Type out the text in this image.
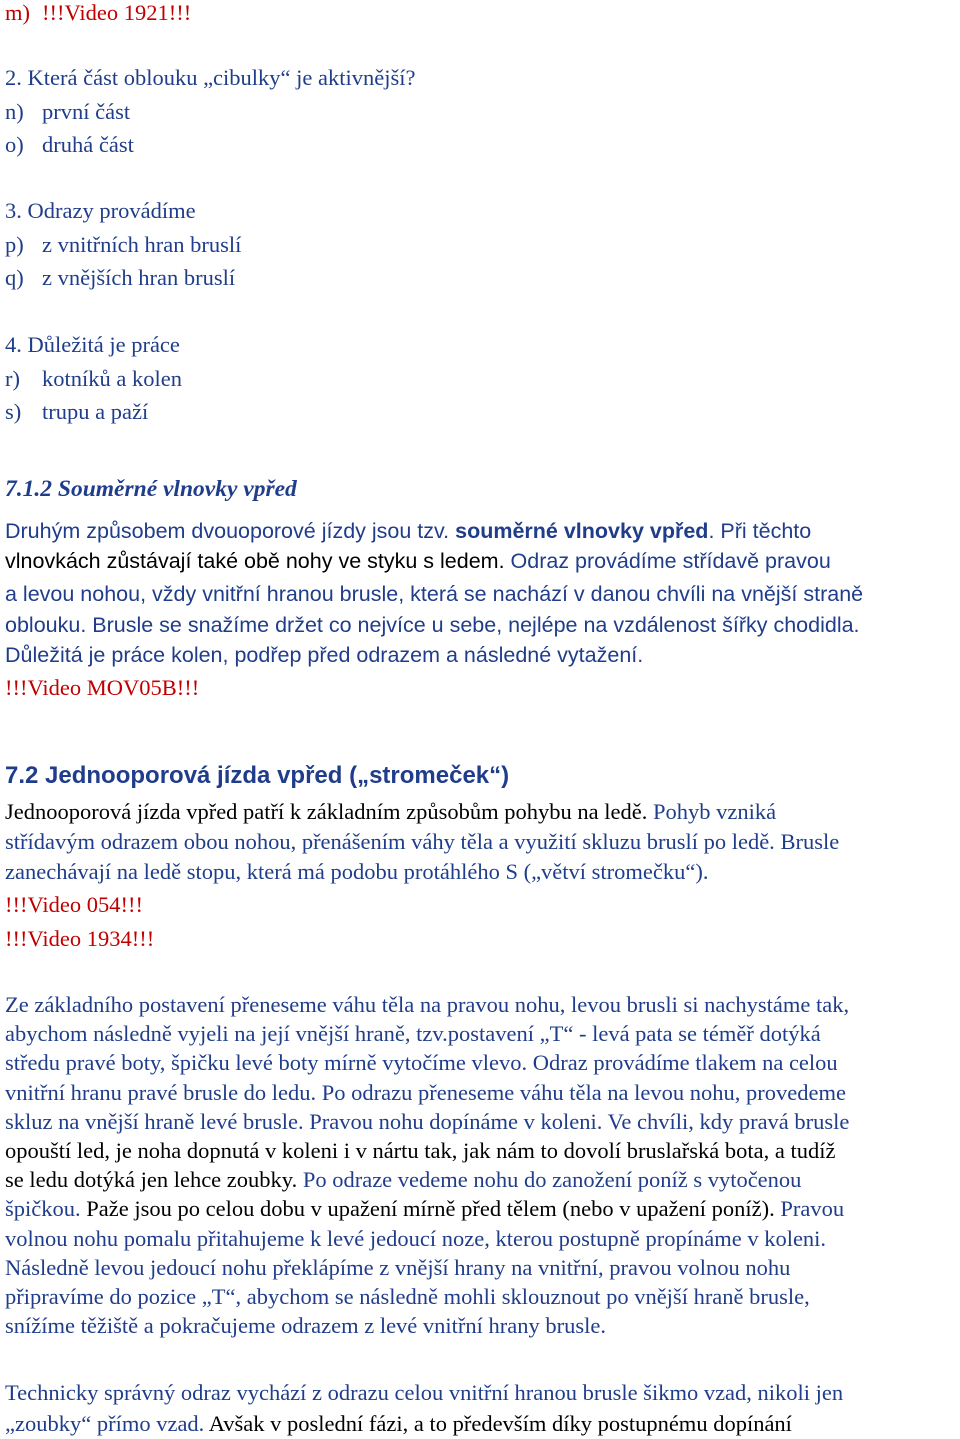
m) !!!Video 1921!!!
2. Která část oblouku „cibulky“ je aktivnější?
n) první část
o) druhá část
3. Odrazy provádíme
p) z vnitřních hran bruslí
q) z vnějších hran bruslí
4. Důležitá je práce
r) kotníků a kolen
s) trupu a paží
7.1.2 Souměrné vlnovky vpřed
Druhým způsobem dvouoporové jízdy jsou tzv. souměrné vlnovky vpřed. Při těchto
vlnovkách zůstávají také obě nohy ve styku s ledem. Odraz provádíme střídavě pravou
a levou nohou, vždy vnitřní hranou brusle, která se nachází v danou chvíli na vnější straně
oblouku. Brusle se snažíme držet co nejvíce u sebe, nejlépe na vzdálenost šířky chodidla.
Důležitá je práce kolen, podřep před odrazem a následné vytažení.
!!!Video MOV05B!!!
7.2 Jednooporová jízda vpřed („stromeček“)
Jednooporová jízda vpřed patří k základním způsobům pohybu na ledě. Pohyb vzniká
střídavým odrazem obou nohou, přenášením váhy těla a využití skluzu bruslí po ledě. Brusle
zanechávají na ledě stopu, která má podobu protáhlého S („větví stromečku“).
!!!Video 054!!!
!!!Video 1934!!!
Ze základního postavení přeneseme váhu těla na pravou nohu, levou brusli si nachystáme tak,
abychom následně vyjeli na její vnější hraně, tzv.postavení „T“ - levá pata se téměř dotýká
středu pravé boty, špičku levé boty mírně vytočíme vlevo. Odraz provádíme tlakem na celou
vnitřní hranu pravé brusle do ledu. Po odrazu přeneseme váhu těla na levou nohu, provedeme
skluz na vnější hraně levé brusle. Pravou nohu dopínáme v koleni. Ve chvíli, kdy pravá brusle
opouští led, je noha dopnutá v koleni i v nártu tak, jak nám to dovolí bruslařská bota, a tudíž
se ledu dotýká jen lehce zoubky. Po odraze vedeme nohu do zanožení poníž s vytočenou
špičkou. Paže jsou po celou dobu v upažení mírně před tělem (nebo v upažení poníž). Pravou
volnou nohu pomalu přitahujeme k levé jedoucí noze, kterou postupně propínáme v koleni.
Následně levou jedoucí nohu překlápíme z vnější hrany na vnitřní, pravou volnou nohu
připravíme do pozice „T“, abychom se následně mohli sklouznout po vnější hraně brusle,
snížíme těžiště a pokračujeme odrazem z levé vnitřní hrany brusle.
Technicky správný odraz vychází z odrazu celou vnitřní hranou brusle šikmo vzad, nikoli jen
„zoubky“ přímo vzad. Avšak v poslední fázi, a to především díky postupnému dopínání
